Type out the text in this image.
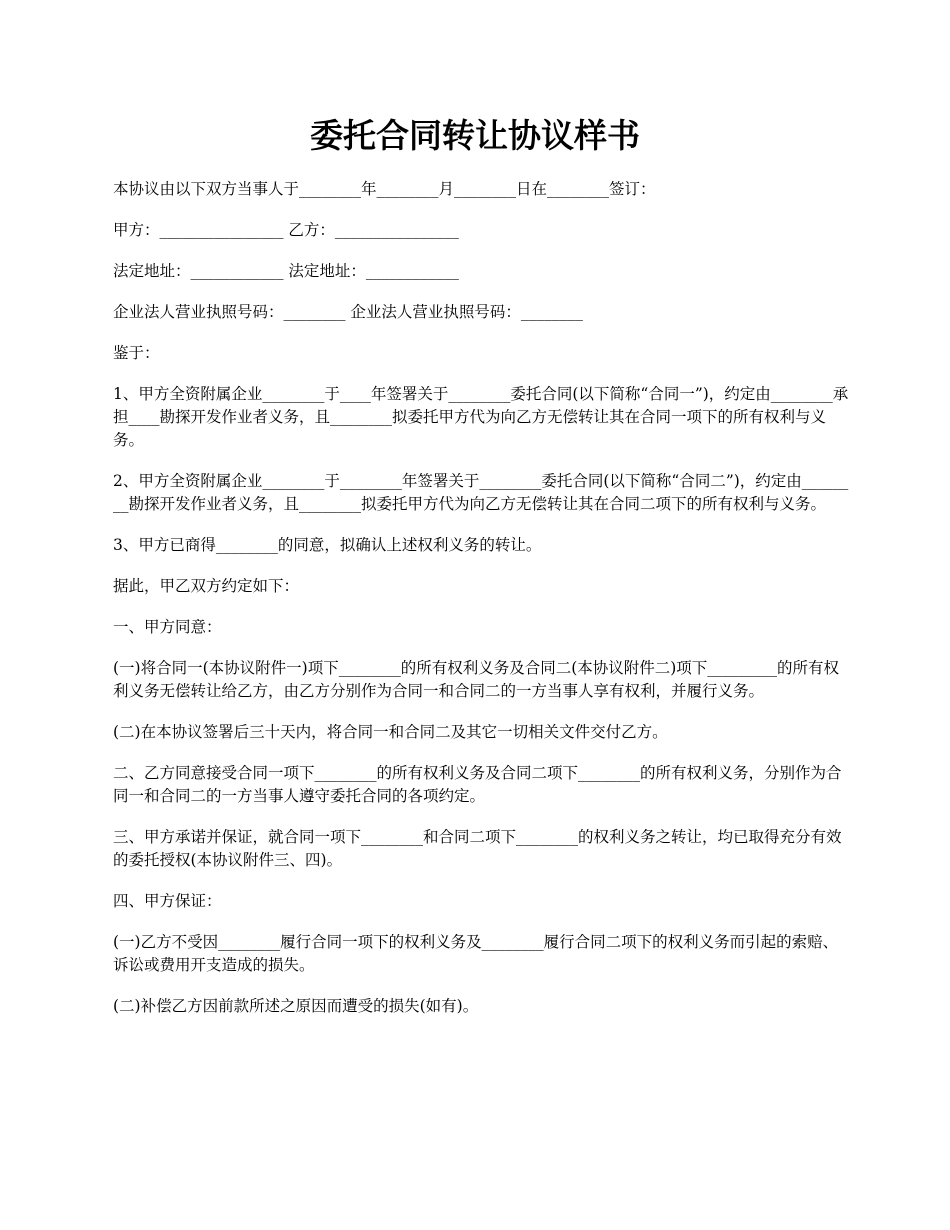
委托合同转让协议样书

本协议由以下双方当事人于________年________月________日在________签订：

甲方：________________ 乙方：________________

法定地址：____________ 法定地址：____________

企业法人营业执照号码：________ 企业法人营业执照号码：________

鉴于：

1、甲方全资附属企业________于____年签署关于________委托合同(以下简称“合同一”)，约定由________承担____勘探开发作业者义务，且________拟委托甲方代为向乙方无偿转让其在合同一项下的所有权利与义务。

2、甲方全资附属企业________于________年签署关于________委托合同(以下简称“合同二”)，约定由________勘探开发作业者义务，且________拟委托甲方代为向乙方无偿转让其在合同二项下的所有权利与义务。

3、甲方已商得________的同意，拟确认上述权利义务的转让。

据此，甲乙双方约定如下：

一、甲方同意：

(一)将合同一(本协议附件一)项下________的所有权利义务及合同二(本协议附件二)项下_________的所有权利义务无偿转让给乙方，由乙方分别作为合同一和合同二的一方当事人享有权利，并履行义务。

(二)在本协议签署后三十天内，将合同一和合同二及其它一切相关文件交付乙方。

二、乙方同意接受合同一项下________的所有权利义务及合同二项下________的所有权利义务，分别作为合同一和合同二的一方当事人遵守委托合同的各项约定。

三、甲方承诺并保证，就合同一项下________和合同二项下________的权利义务之转让，均已取得充分有效的委托授权(本协议附件三、四)。

四、甲方保证：

(一)乙方不受因________履行合同一项下的权利义务及________履行合同二项下的权利义务而引起的索赔、诉讼或费用开支造成的损失。

(二)补偿乙方因前款所述之原因而遭受的损失(如有)。
